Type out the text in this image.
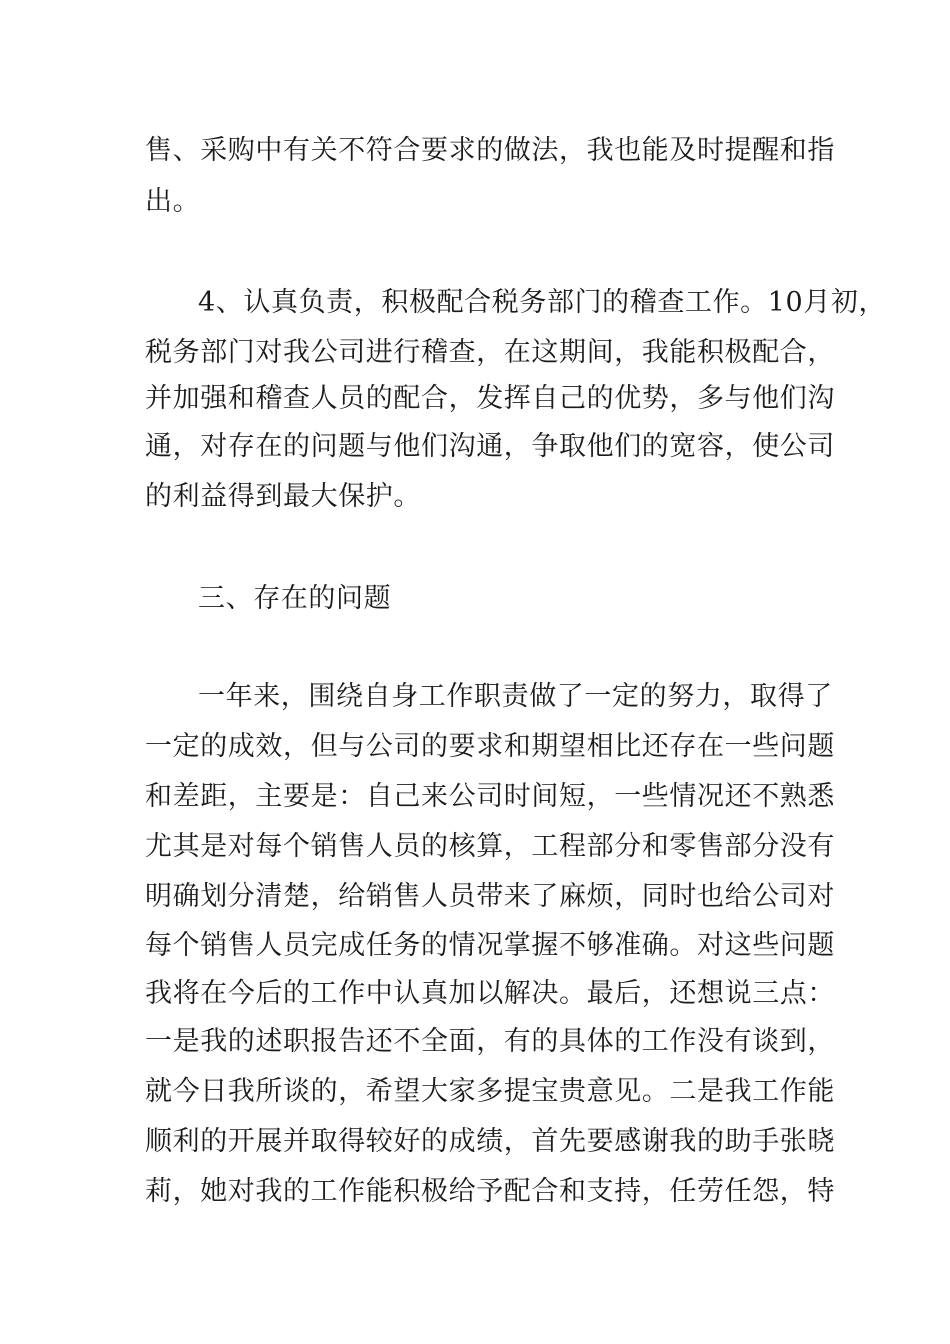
售、采购中有关不符合要求的做法，我也能及时提醒和指
出。
4、认真负责，积极配合税务部门的稽查工作。10月初，
税务部门对我公司进行稽查，在这期间，我能积极配合，
并加强和稽查人员的配合，发挥自己的优势，多与他们沟
通，对存在的问题与他们沟通，争取他们的宽容，使公司
的利益得到最大保护。
三、存在的问题
一年来，围绕自身工作职责做了一定的努力，取得了
一定的成效，但与公司的要求和期望相比还存在一些问题
和差距，主要是：自己来公司时间短，一些情况还不熟悉
尤其是对每个销售人员的核算，工程部分和零售部分没有
明确划分清楚，给销售人员带来了麻烦，同时也给公司对
每个销售人员完成任务的情况掌握不够准确。对这些问题
我将在今后的工作中认真加以解决。最后，还想说三点：
一是我的述职报告还不全面，有的具体的工作没有谈到，
就今日我所谈的，希望大家多提宝贵意见。二是我工作能
顺利的开展并取得较好的成绩，首先要感谢我的助手张晓
莉，她对我的工作能积极给予配合和支持，任劳任怨，特
